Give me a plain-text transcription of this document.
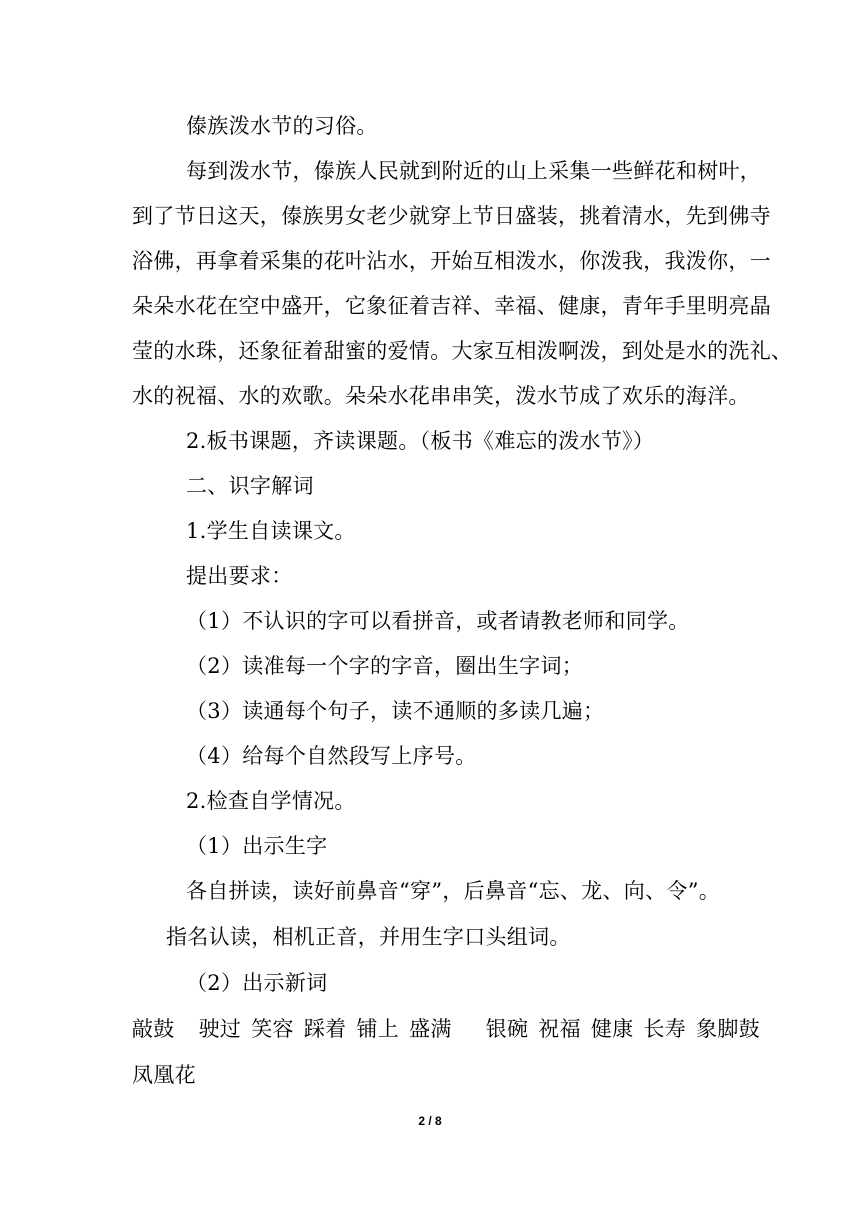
傣族泼水节的习俗。
每到泼水节，傣族人民就到附近的山上采集一些鲜花和树叶，
到了节日这天，傣族男女老少就穿上节日盛装，挑着清水，先到佛寺
浴佛，再拿着采集的花叶沾水，开始互相泼水，你泼我，我泼你，一
朵朵水花在空中盛开，它象征着吉祥、幸福、健康，青年手里明亮晶
莹的水珠，还象征着甜蜜的爱情。大家互相泼啊泼，到处是水的洗礼、
水的祝福、水的欢歌。朵朵水花串串笑，泼水节成了欢乐的海洋。
2.板书课题，齐读课题。（板书《难忘的泼水节》）
二、识字解词
1.学生自读课文。
提出要求：
（1）不认识的字可以看拼音，或者请教老师和同学。
（2）读准每一个字的字音，圈出生字词；
（3）读通每个句子，读不通顺的多读几遍；
（4）给每个自然段写上序号。
2.检查自学情况。
（1）出示生字
各自拼读，读好前鼻音“穿”，后鼻音“忘、龙、向、令”。
指名认读，相机正音，并用生字口头组词。
（2）出示新词
敲鼓 驶过 笑容 踩着 铺上 盛满 银碗 祝福 健康 长寿 象脚鼓
凤凰花
2 / 8
